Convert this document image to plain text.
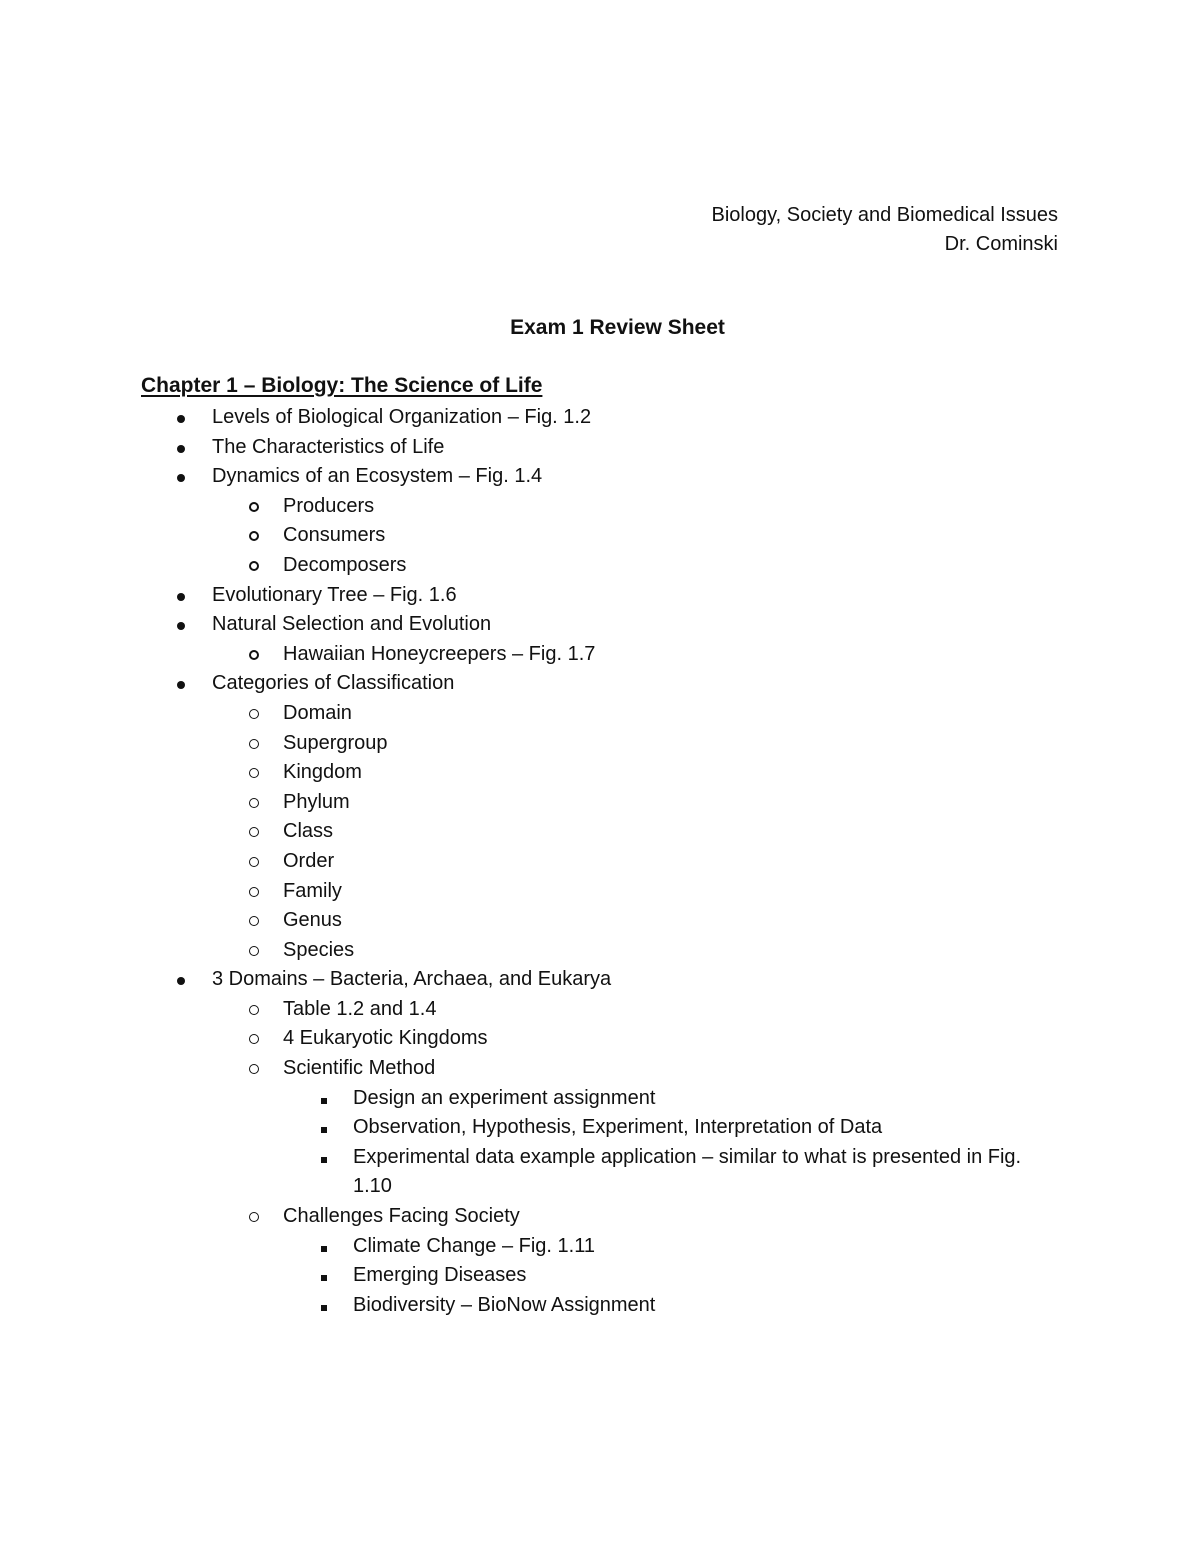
Biology, Society and Biomedical Issues
Dr. Cominski
Exam 1 Review Sheet
Chapter 1 – Biology: The Science of Life
Levels of Biological Organization – Fig. 1.2
The Characteristics of Life
Dynamics of an Ecosystem – Fig. 1.4
Producers
Consumers
Decomposers
Evolutionary Tree – Fig. 1.6
Natural Selection and Evolution
Hawaiian Honeycreepers – Fig. 1.7
Categories of Classification
Domain
Supergroup
Kingdom
Phylum
Class
Order
Family
Genus
Species
3 Domains – Bacteria, Archaea, and Eukarya
Table 1.2 and 1.4
4 Eukaryotic Kingdoms
Scientific Method
Design an experiment assignment
Observation, Hypothesis, Experiment, Interpretation of Data
Experimental data example application – similar to what is presented in Fig. 1.10
Challenges Facing Society
Climate Change – Fig. 1.11
Emerging Diseases
Biodiversity – BioNow Assignment
